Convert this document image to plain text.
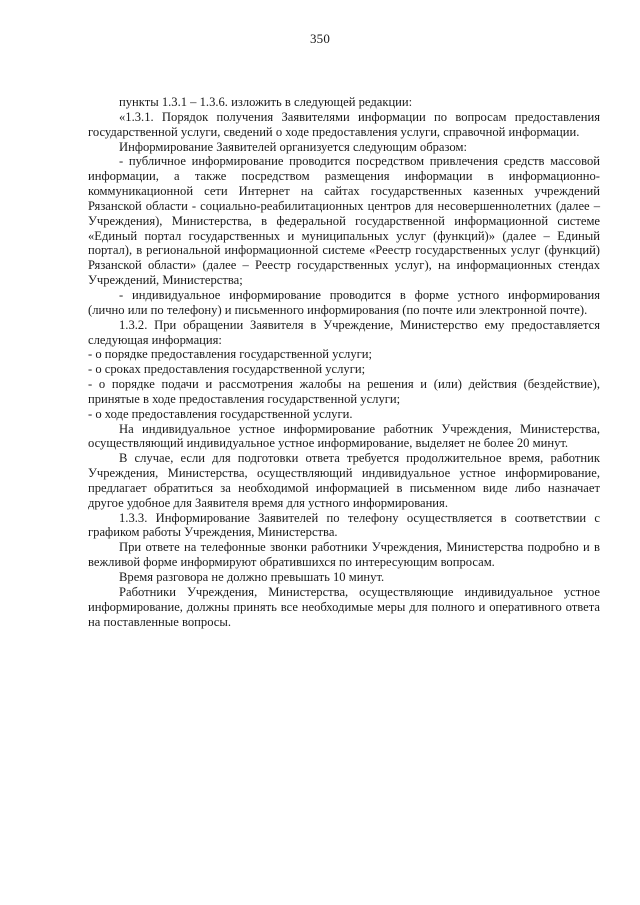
350

пункты 1.3.1 – 1.3.6. изложить в следующей редакции:

«1.3.1. Порядок получения Заявителями информации по вопросам предоставления государственной услуги, сведений о ходе предоставления услуги, справочной информации.

Информирование Заявителей организуется следующим образом:

- публичное информирование проводится посредством привлечения средств массовой информации, а также посредством размещения информации в информационно-коммуникационной сети Интернет на сайтах государственных казенных учреждений Рязанской области - социально-реабилитационных центров для несовершеннолетних (далее – Учреждения), Министерства, в федеральной государственной информационной системе «Единый портал государственных и муниципальных услуг (функций)» (далее – Единый портал), в региональной информационной системе «Реестр государственных услуг (функций) Рязанской области» (далее – Реестр государственных услуг), на информационных стендах Учреждений, Министерства;

- индивидуальное информирование проводится в форме устного информирования (лично или по телефону) и письменного информирования (по почте или электронной почте).

1.3.2. При обращении Заявителя в Учреждение, Министерство ему предоставляется следующая информация:

- о порядке предоставления государственной услуги;

- о сроках предоставления государственной услуги;

- о порядке подачи и рассмотрения жалобы на решения и (или) действия (бездействие), принятые в ходе предоставления государственной услуги;

- о ходе предоставления государственной услуги.

На индивидуальное устное информирование работник Учреждения, Министерства, осуществляющий индивидуальное устное информирование, выделяет не более 20 минут.

В случае, если для подготовки ответа требуется продолжительное время, работник Учреждения, Министерства, осуществляющий индивидуальное устное информирование, предлагает обратиться за необходимой информацией в письменном виде либо назначает другое удобное для Заявителя время для устного информирования.

1.3.3. Информирование Заявителей по телефону осуществляется в соответствии с графиком работы Учреждения, Министерства.

При ответе на телефонные звонки работники Учреждения, Министерства подробно и в вежливой форме информируют обратившихся по интересующим вопросам.

Время разговора не должно превышать 10 минут.

Работники Учреждения, Министерства, осуществляющие индивидуальное устное информирование, должны принять все необходимые меры для полного и оперативного ответа на поставленные вопросы.
